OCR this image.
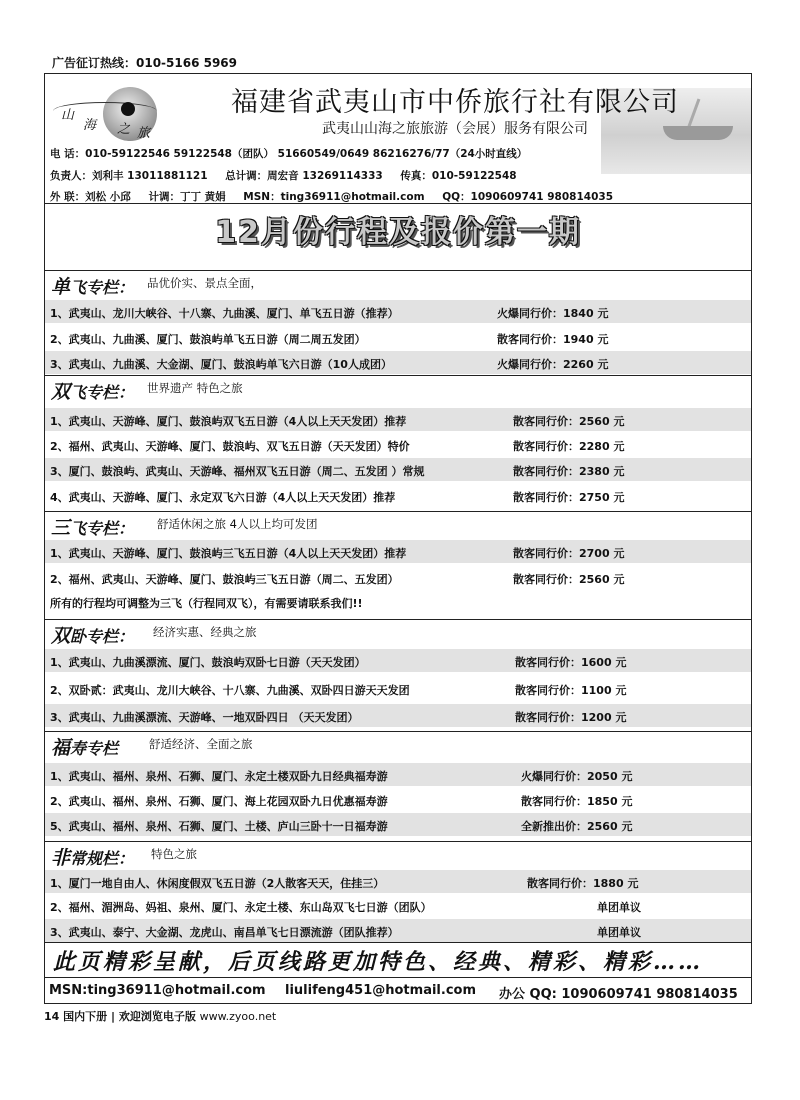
广告征订热线：010-5166 5969
山
海 之 旅
福建省武夷山市中侨旅行社有限公司
武夷山山海之旅旅游（会展）服务有限公司
电 话：010-59122546 59122548（团队） 51660549/0649 86216276/77（24小时直线）
负责人：刘利丰 13011881121 总计调：周宏音 13269114333 传真：010-59122548
外 联：刘松 小邱 计调：丁丁 黄娟 MSN：ting36911@hotmail.com QQ：1090609741 980814035
12月份行程及报价第一期
单飞专栏： 品优价实、景点全面，
1、武夷山、龙川大峡谷、十八寨、九曲溪、厦门、单飞五日游（推荐）	火爆同行价：1840 元
2、武夷山、九曲溪、厦门、鼓浪屿单飞五日游（周二周五发团）	散客同行价：1940 元
3、武夷山、九曲溪、大金湖、厦门、鼓浪屿单飞六日游（10人成团）	火爆同行价：2260 元
双飞专栏： 世界遗产 特色之旅
1、武夷山、天游峰、厦门、鼓浪屿双飞五日游（4人以上天天发团）推荐	散客同行价：2560 元
2、福州、武夷山、天游峰、厦门、鼓浪屿、双飞五日游（天天发团）特价	散客同行价：2280 元
3、厦门、鼓浪屿、武夷山、天游峰、福州双飞五日游（周二、五发团 ）常规	散客同行价：2380 元
4、武夷山、天游峰、厦门、永定双飞六日游（4人以上天天发团）推荐	散客同行价：2750 元
三飞专栏： 舒适休闲之旅 4人以上均可发团
1、武夷山、天游峰、厦门、鼓浪屿三飞五日游（4人以上天天发团）推荐	散客同行价：2700 元
2、福州、武夷山、天游峰、厦门、鼓浪屿三飞五日游（周二、五发团）	散客同行价：2560 元
所有的行程均可调整为三飞（行程同双飞），有需要请联系我们!!
双卧专栏： 经济实惠、经典之旅
1、武夷山、九曲溪漂流、厦门、鼓浪屿双卧七日游（天天发团）	散客同行价：1600 元
2、双卧贰：武夷山、龙川大峡谷、十八寨、九曲溪、双卧四日游天天发团	散客同行价：1100 元
3、武夷山、九曲溪漂流、天游峰、一地双卧四日 （天天发团）	散客同行价：1200 元
福寿专栏	舒适经济、全面之旅
1、武夷山、福州、泉州、石狮、厦门、永定土楼双卧九日经典福寿游	火爆同行价：2050 元
2、武夷山、福州、泉州、石狮、厦门、海上花园双卧九日优惠福寿游	散客同行价：1850 元
5、武夷山、福州、泉州、石狮、厦门、土楼、庐山三卧十一日福寿游	全新推出价：2560 元
非常规栏： 特色之旅
1、厦门一地自由人、休闲度假双飞五日游（2人散客天天，住挂三）	散客同行价：1880 元
2、福州、湄洲岛、妈祖、泉州、厦门、永定土楼、东山岛双飞七日游（团队）	单团单议
3、武夷山、泰宁、大金湖、龙虎山、南昌单飞七日漂流游（团队推荐）	单团单议
此页精彩呈献，后页线路更加特色、经典、精彩、精彩……
MSN:ting36911@hotmail.com liulifeng451@hotmail.com 办公 QQ: 1090609741 980814035
14 国内下册 | 欢迎浏览电子版 www.zyoo.net
